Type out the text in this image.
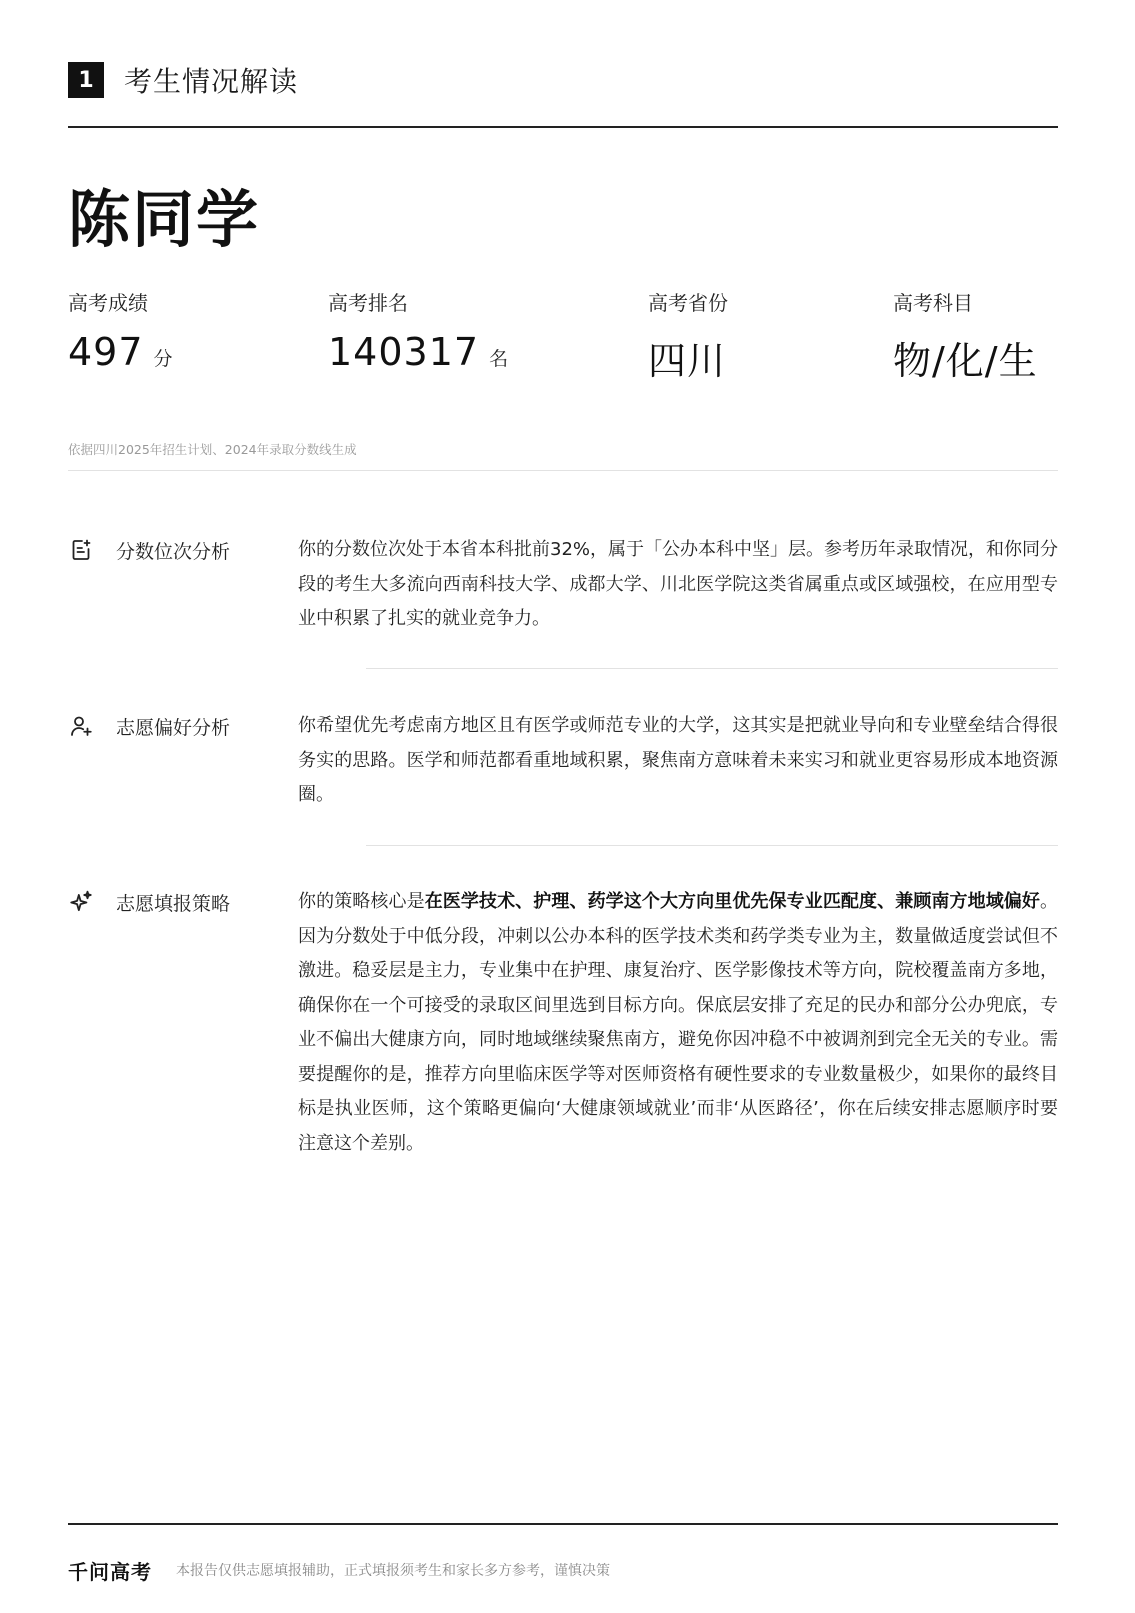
1	考生情况解读
陈同学
高考成绩
497 分
高考排名
140317 名
高考省份
四川
高考科目
物/化/生
依据四川2025年招生计划、2024年录取分数线生成
分数位次分析	你的分数位次处于本省本科批前32%，属于「公办本科中坚」层。参考历年录取情况，和你同分段的考生大多流向西南科技大学、成都大学、川北医学院这类省属重点或区域强校，在应用型专业中积累了扎实的就业竞争力。
志愿偏好分析	你希望优先考虑南方地区且有医学或师范专业的大学，这其实是把就业导向和专业壁垒结合得很务实的思路。医学和师范都看重地域积累，聚焦南方意味着未来实习和就业更容易形成本地资源圈。
志愿填报策略	你的策略核心是在医学技术、护理、药学这个大方向里优先保专业匹配度、兼顾南方地域偏好。因为分数处于中低分段，冲刺以公办本科的医学技术类和药学类专业为主，数量做适度尝试但不激进。稳妥层是主力，专业集中在护理、康复治疗、医学影像技术等方向，院校覆盖南方多地，确保你在一个可接受的录取区间里选到目标方向。保底层安排了充足的民办和部分公办兜底，专业不偏出大健康方向，同时地域继续聚焦南方，避免你因冲稳不中被调剂到完全无关的专业。需要提醒你的是，推荐方向里临床医学等对医师资格有硬性要求的专业数量极少，如果你的最终目标是执业医师，这个策略更偏向‘大健康领域就业’而非‘从医路径’，你在后续安排志愿顺序时要注意这个差别。
千问高考 本报告仅供志愿填报辅助，正式填报须考生和家长多方参考，谨慎决策
